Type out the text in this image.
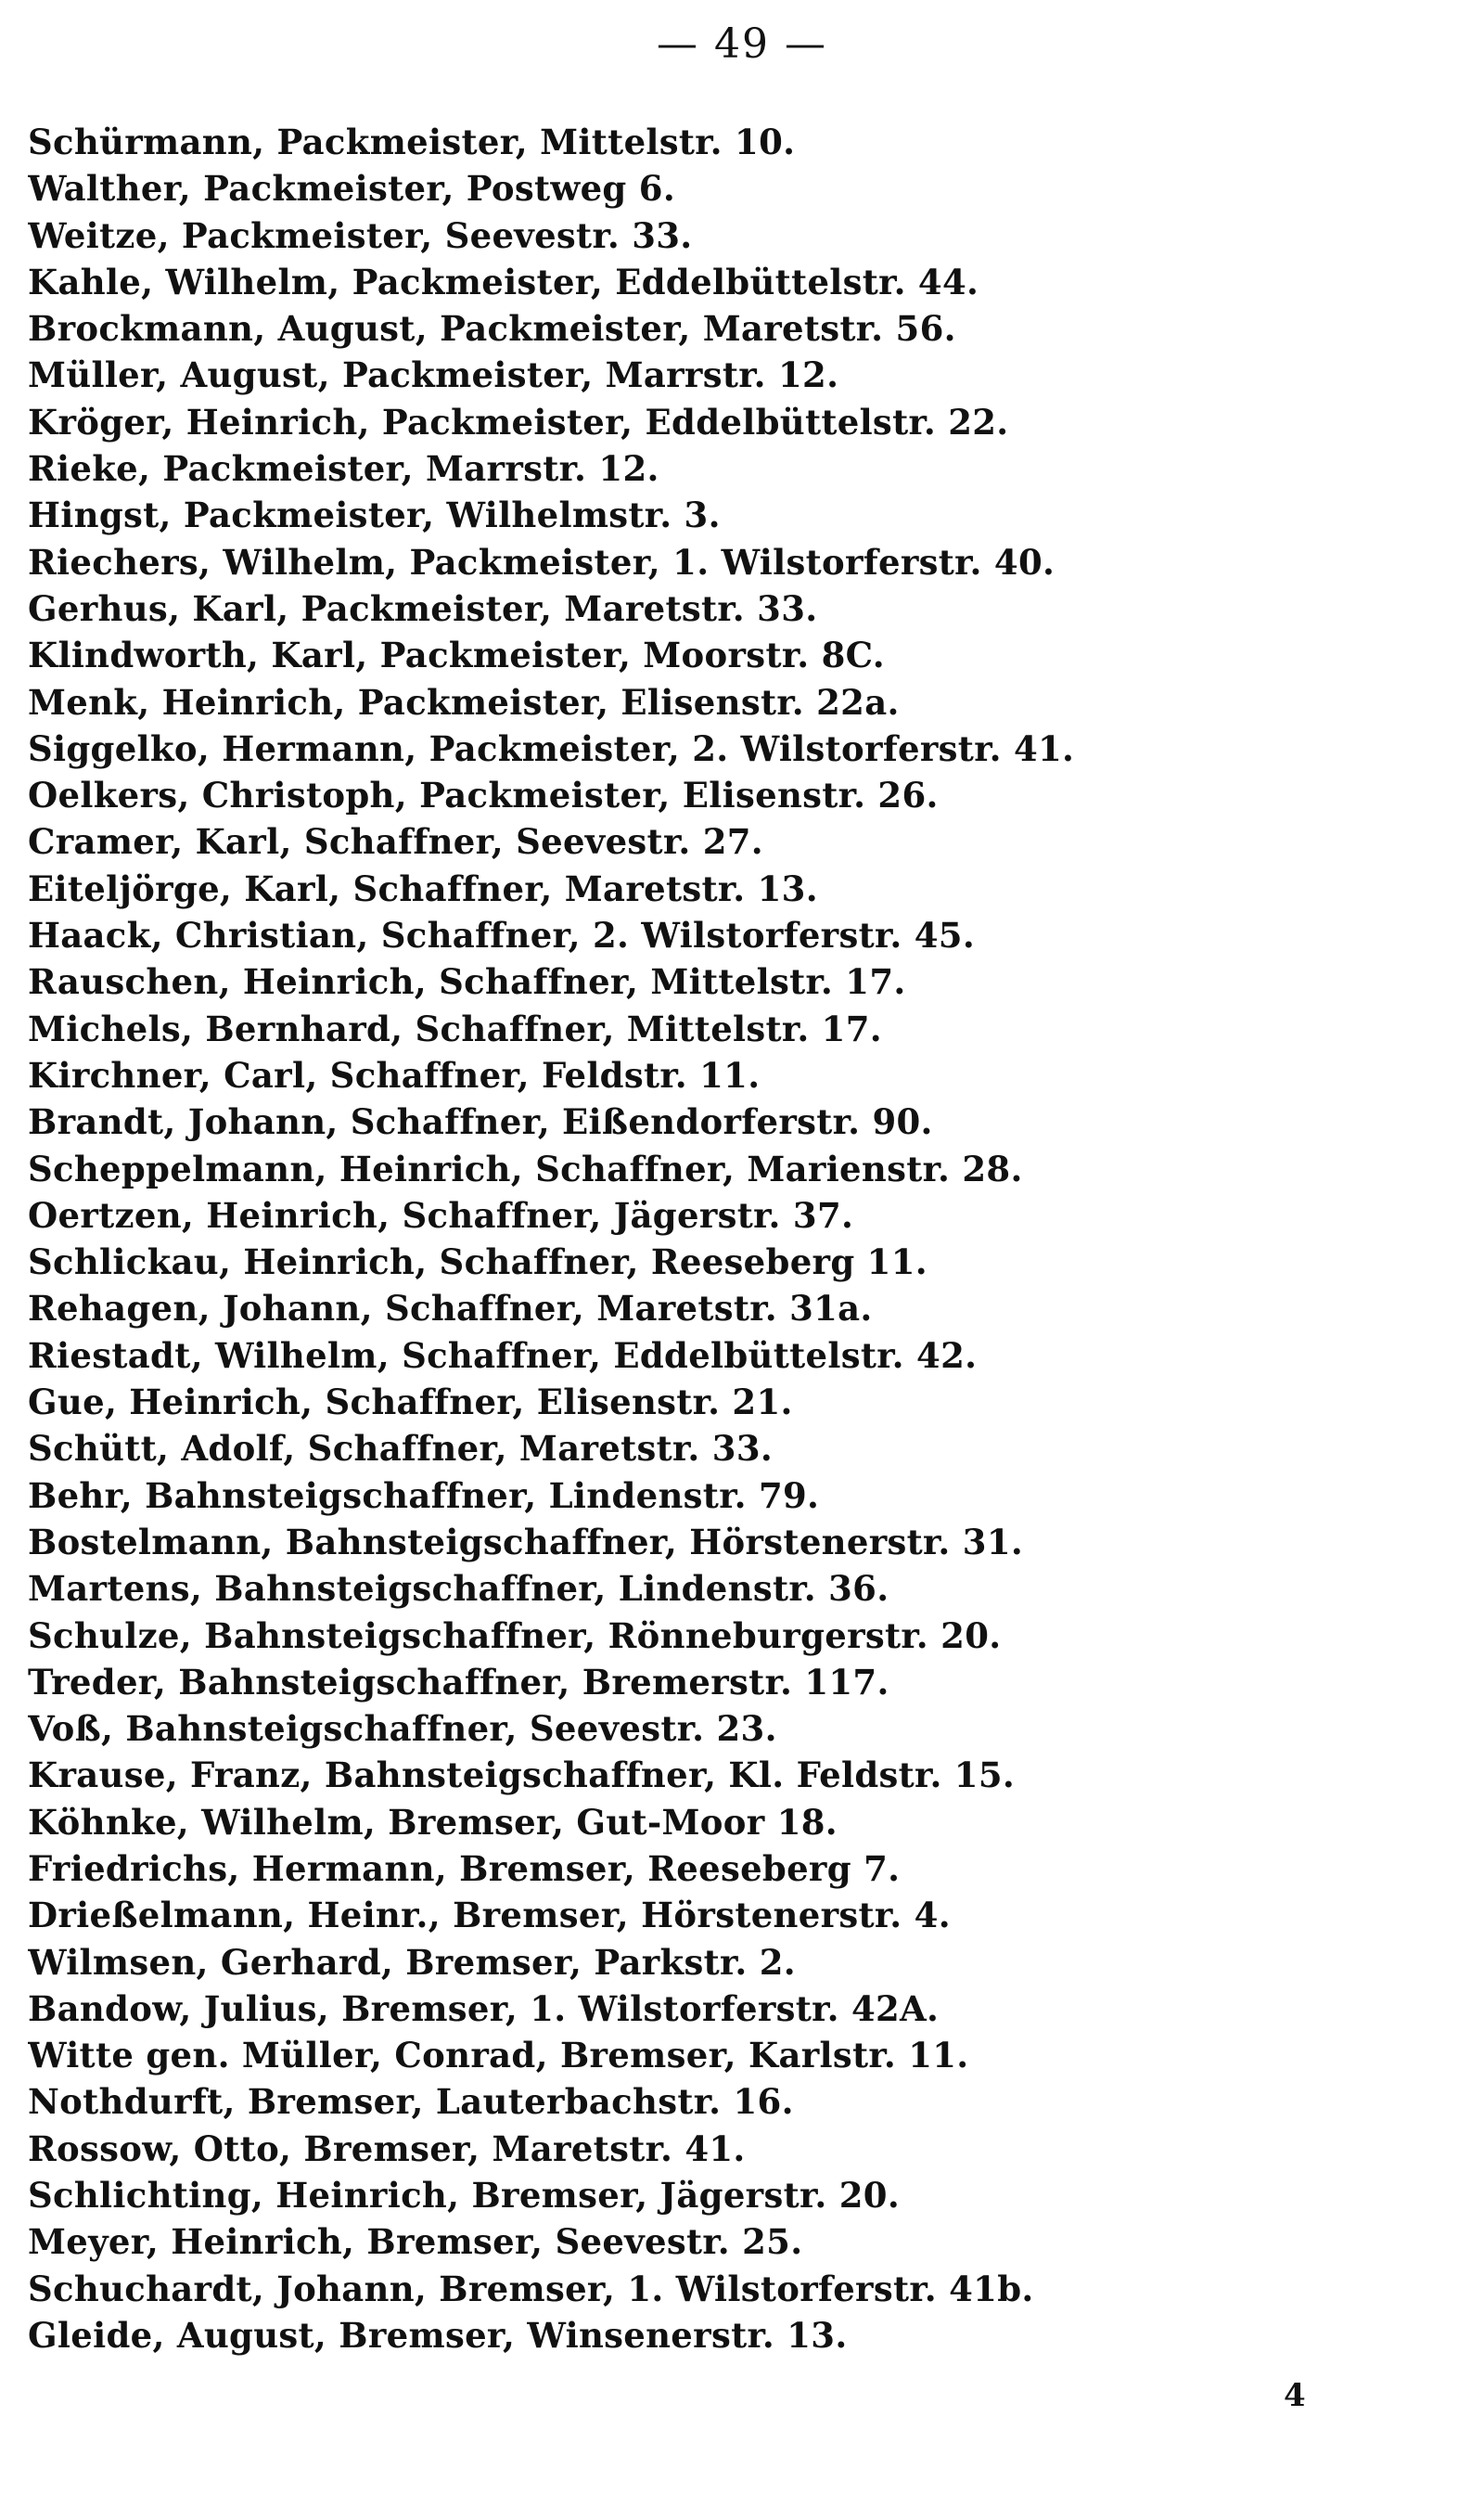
— 49 —
Schürmann, Packmeister, Mittelstr. 10.
Walther, Packmeister, Postweg 6.
Weitze, Packmeister, Seevestr. 33.
Kahle, Wilhelm, Packmeister, Eddelbüttelstr. 44.
Brockmann, August, Packmeister, Maretstr. 56.
Müller, August, Packmeister, Marrstr. 12.
Kröger, Heinrich, Packmeister, Eddelbüttelstr. 22.
Rieke, Packmeister, Marrstr. 12.
Hingst, Packmeister, Wilhelmstr. 3.
Riechers, Wilhelm, Packmeister, 1. Wilstorferstr. 40.
Gerhus, Karl, Packmeister, Maretstr. 33.
Klindworth, Karl, Packmeister, Moorstr. 8C.
Menk, Heinrich, Packmeister, Elisenstr. 22a.
Siggelko, Hermann, Packmeister, 2. Wilstorferstr. 41.
Oelkers, Christoph, Packmeister, Elisenstr. 26.
Cramer, Karl, Schaffner, Seevestr. 27.
Eiteljörge, Karl, Schaffner, Maretstr. 13.
Haack, Christian, Schaffner, 2. Wilstorferstr. 45.
Rauschen, Heinrich, Schaffner, Mittelstr. 17.
Michels, Bernhard, Schaffner, Mittelstr. 17.
Kirchner, Carl, Schaffner, Feldstr. 11.
Brandt, Johann, Schaffner, Eißendorferstr. 90.
Scheppelmann, Heinrich, Schaffner, Marienstr. 28.
Oertzen, Heinrich, Schaffner, Jägerstr. 37.
Schlickau, Heinrich, Schaffner, Reeseberg 11.
Rehagen, Johann, Schaffner, Maretstr. 31a.
Riestadt, Wilhelm, Schaffner, Eddelbüttelstr. 42.
Gue, Heinrich, Schaffner, Elisenstr. 21.
Schütt, Adolf, Schaffner, Maretstr. 33.
Behr, Bahnsteigschaffner, Lindenstr. 79.
Bostelmann, Bahnsteigschaffner, Hörstenerstr. 31.
Martens, Bahnsteigschaffner, Lindenstr. 36.
Schulze, Bahnsteigschaffner, Rönneburgerstr. 20.
Treder, Bahnsteigschaffner, Bremerstr. 117.
Voß, Bahnsteigschaffner, Seevestr. 23.
Krause, Franz, Bahnsteigschaffner, Kl. Feldstr. 15.
Köhnke, Wilhelm, Bremser, Gut-Moor 18.
Friedrichs, Hermann, Bremser, Reeseberg 7.
Drießelmann, Heinr., Bremser, Hörstenerstr. 4.
Wilmsen, Gerhard, Bremser, Parkstr. 2.
Bandow, Julius, Bremser, 1. Wilstorferstr. 42A.
Witte gen. Müller, Conrad, Bremser, Karlstr. 11.
Nothdurft, Bremser, Lauterbachstr. 16.
Rossow, Otto, Bremser, Maretstr. 41.
Schlichting, Heinrich, Bremser, Jägerstr. 20.
Meyer, Heinrich, Bremser, Seevestr. 25.
Schuchardt, Johann, Bremser, 1. Wilstorferstr. 41b.
Gleide, August, Bremser, Winsenerstr. 13.
4
